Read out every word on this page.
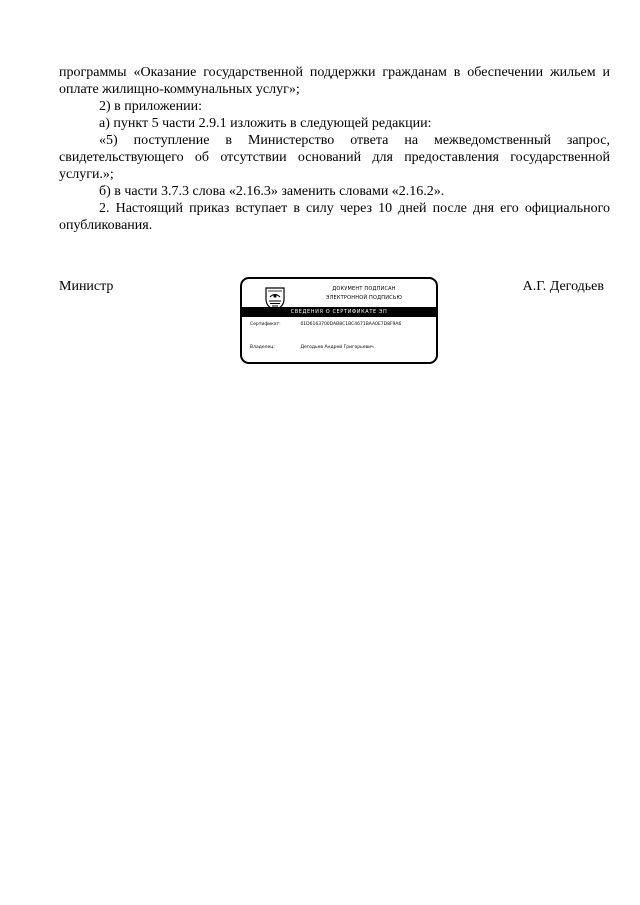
программы «Оказание государственной поддержки гражданам в обеспечении жильем и оплате жилищно-коммунальных услуг»;

2) в приложении:

а) пункт 5 части 2.9.1 изложить в следующей редакции:

«5) поступление в Министерство ответа на межведомственный запрос, свидетельствующего об отсутствии оснований для предоставления государственной услуги.»;

б) в части 3.7.3 слова «2.16.3» заменить словами «2.16.2».

2. Настоящий приказ вступает в силу через 10 дней после дня его официального опубликования.

Министр	ДОКУМЕНТ ПОДПИСАН
ЭЛЕКТРОННОЙ ПОДПИСЬЮ
СВЕДЕНИЯ О СЕРТИФИКАТЕ ЭП
Сертификат:	01D6163700DAB8C1BC4671BAA0E7D8F9A6
Владелец:	Дегодьев Андрей Григорьевич
А.Г. Дегодьев
